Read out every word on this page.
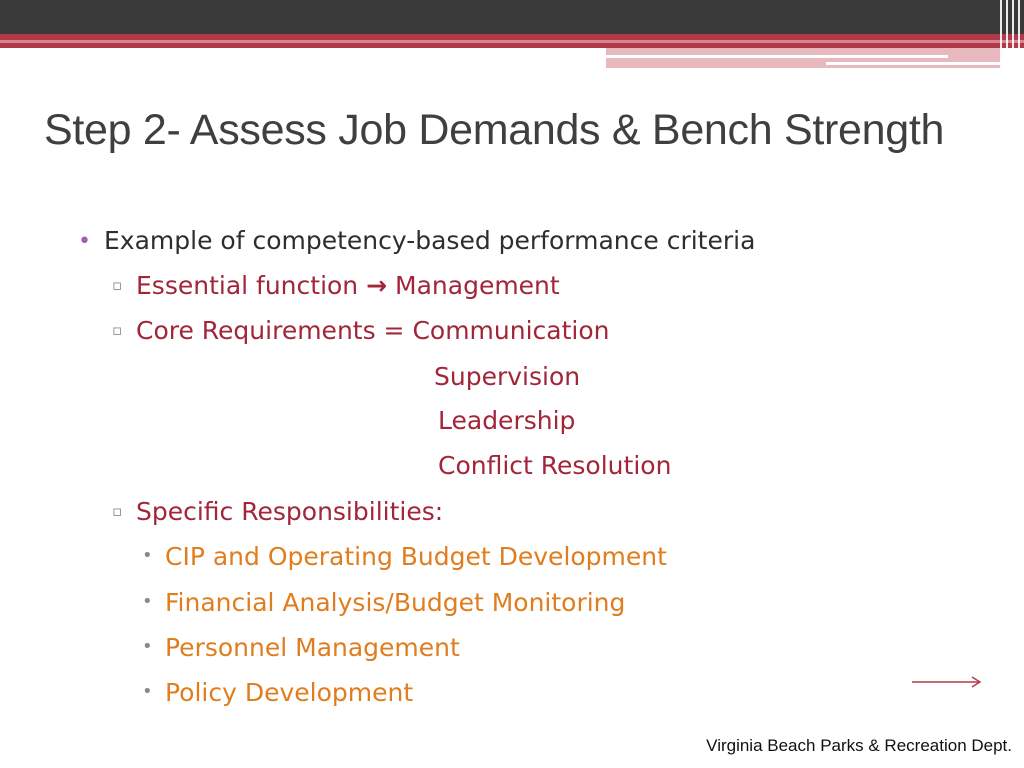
Step 2- Assess Job Demands & Bench Strength
• Example of competency-based performance criteria
▫ Essential function → Management
▫ Core Requirements = Communication
Supervision
Leadership
Conflict Resolution
▫ Specific Responsibilities:
• CIP and Operating Budget Development
• Financial Analysis/Budget Monitoring
• Personnel Management
• Policy Development
Virginia Beach Parks & Recreation Dept.
